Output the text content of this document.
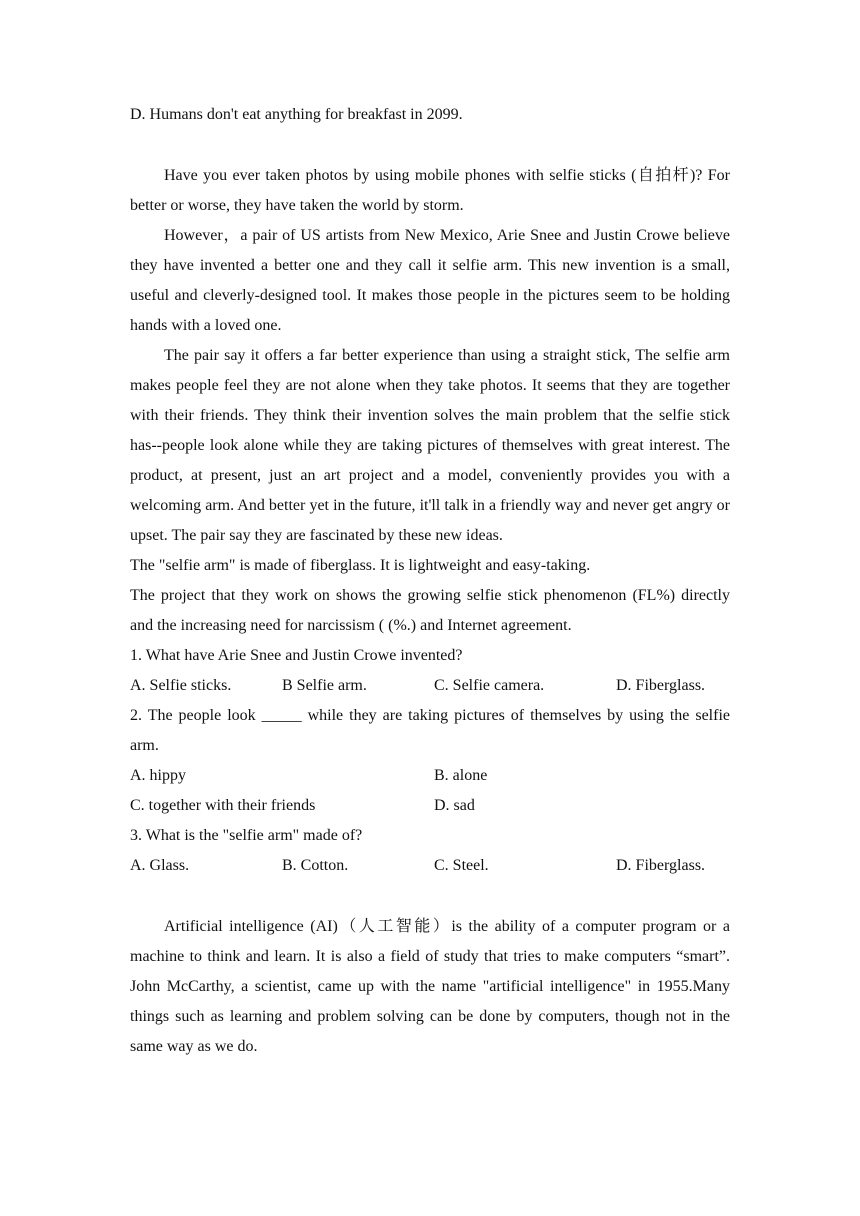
D. Humans don't eat anything for breakfast in 2099.

Have you ever taken photos by using mobile phones with selfie sticks (自拍杆)? For better or worse, they have taken the world by storm.

However，a pair of US artists from New Mexico, Arie Snee and Justin Crowe believe they have invented a better one and they call it selfie arm. This new invention is a small, useful and cleverly-designed tool. It makes those people in the pictures seem to be holding hands with a loved one.

The pair say it offers a far better experience than using a straight stick, The selfie arm makes people feel they are not alone when they take photos. It seems that they are together with their friends. They think their invention solves the main problem that the selfie stick has--people look alone while they are taking pictures of themselves with great interest. The product, at present, just an art project and a model, conveniently provides you with a welcoming arm. And better yet in the future, it'll talk in a friendly way and never get angry or upset. The pair say they are fascinated by these new ideas.

The "selfie arm" is made of fiberglass. It is lightweight and easy-taking.

The project that they work on shows the growing selfie stick phenomenon (FL%) directly and the increasing need for narcissism ( (%.) and Internet agreement.

1. What have Arie Snee and Justin Crowe invented?

A. Selfie sticks.	B Selfie arm.	C. Selfie camera.	D. Fiberglass.

2. The people look _____ while they are taking pictures of themselves by using the selfie arm.

A. hippy	B. alone
C. together with their friends	D. sad

3. What is the "selfie arm" made of?

A. Glass.	B. Cotton.	C. Steel.	D. Fiberglass.

Artificial intelligence (AI)（人工智能）is the ability of a computer program or a machine to think and learn. It is also a field of study that tries to make computers “smart”. John McCarthy, a scientist, came up with the name "artificial intelligence" in 1955.Many things such as learning and problem solving can be done by computers, though not in the same way as we do.
